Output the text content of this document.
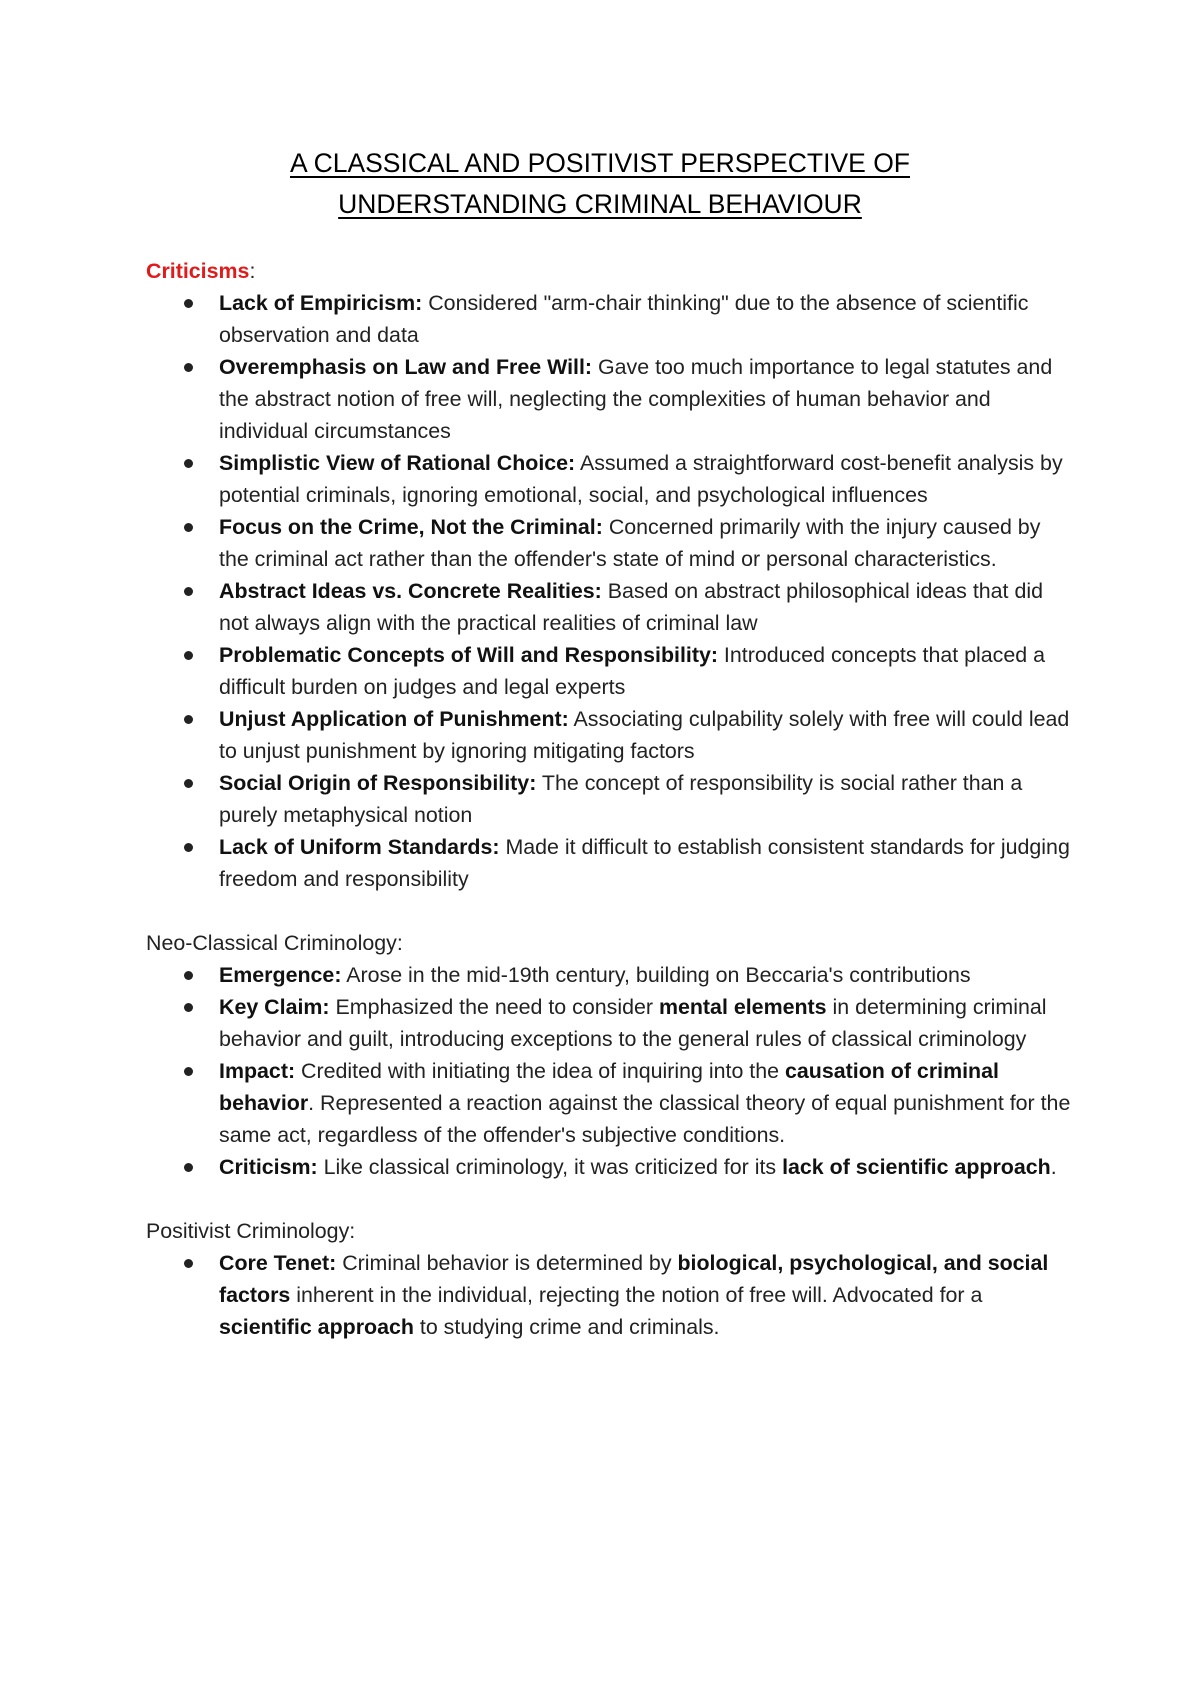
A CLASSICAL AND POSITIVIST PERSPECTIVE OF
UNDERSTANDING CRIMINAL BEHAVIOUR

Criticisms:

Lack of Empiricism: Considered "arm-chair thinking" due to the absence of scientific observation and data
Overemphasis on Law and Free Will: Gave too much importance to legal statutes and the abstract notion of free will, neglecting the complexities of human behavior and individual circumstances
Simplistic View of Rational Choice: Assumed a straightforward cost-benefit analysis by potential criminals, ignoring emotional, social, and psychological influences
Focus on the Crime, Not the Criminal: Concerned primarily with the injury caused by the criminal act rather than the offender's state of mind or personal characteristics.
Abstract Ideas vs. Concrete Realities: Based on abstract philosophical ideas that did not always align with the practical realities of criminal law
Problematic Concepts of Will and Responsibility: Introduced concepts that placed a difficult burden on judges and legal experts
Unjust Application of Punishment: Associating culpability solely with free will could lead to unjust punishment by ignoring mitigating factors
Social Origin of Responsibility: The concept of responsibility is social rather than a purely metaphysical notion
Lack of Uniform Standards: Made it difficult to establish consistent standards for judging freedom and responsibility

Neo-Classical Criminology:

Emergence: Arose in the mid-19th century, building on Beccaria's contributions
Key Claim: Emphasized the need to consider mental elements in determining criminal behavior and guilt, introducing exceptions to the general rules of classical criminology
Impact: Credited with initiating the idea of inquiring into the causation of criminal behavior. Represented a reaction against the classical theory of equal punishment for the same act, regardless of the offender's subjective conditions.
Criticism: Like classical criminology, it was criticized for its lack of scientific approach.

Positivist Criminology:

Core Tenet: Criminal behavior is determined by biological, psychological, and social factors inherent in the individual, rejecting the notion of free will. Advocated for a scientific approach to studying crime and criminals.
